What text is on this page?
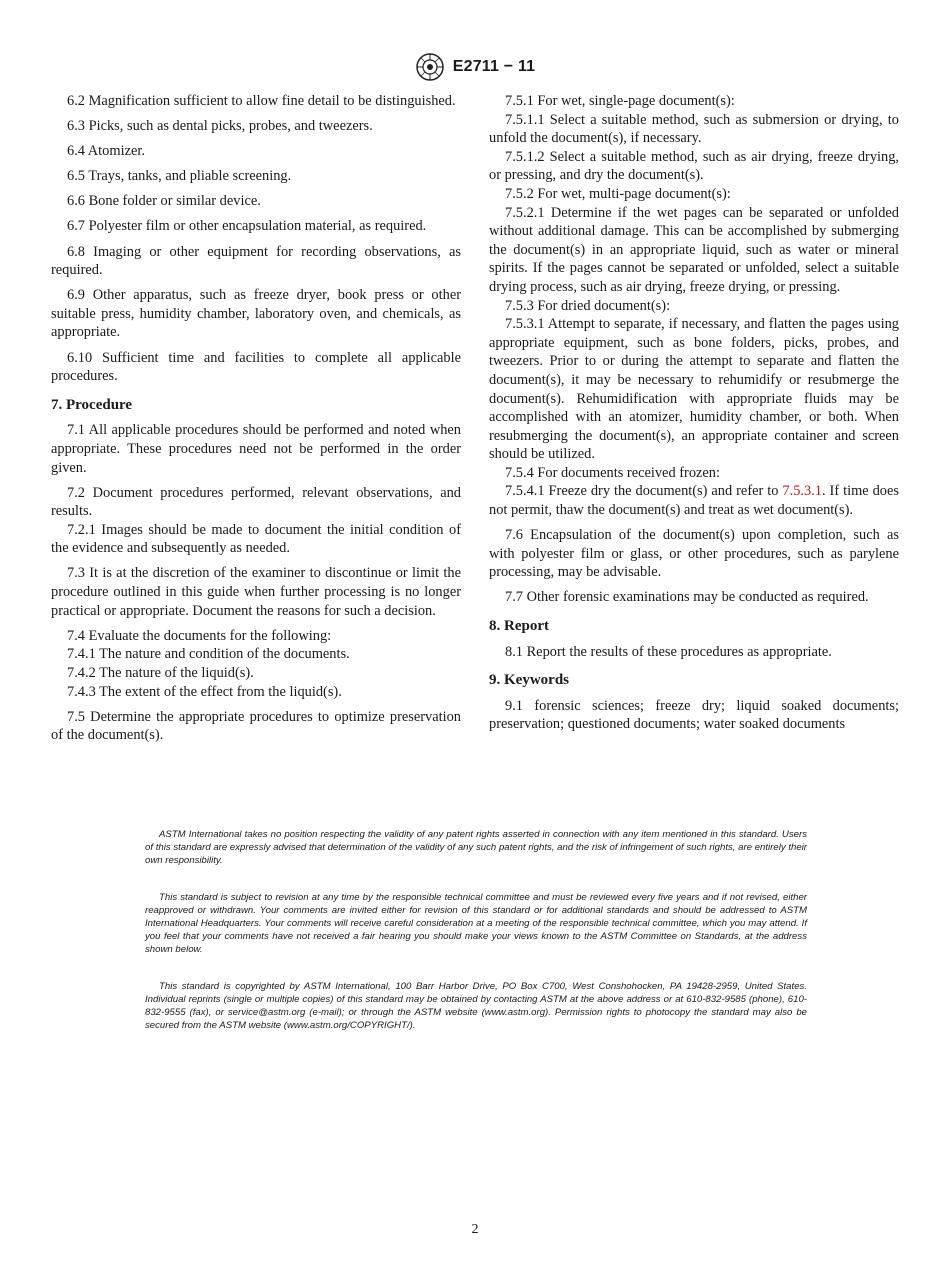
E2711 − 11

6.2 Magnification sufficient to allow fine detail to be distinguished.

6.3 Picks, such as dental picks, probes, and tweezers.

6.4 Atomizer.

6.5 Trays, tanks, and pliable screening.

6.6 Bone folder or similar device.

6.7 Polyester film or other encapsulation material, as required.

6.8 Imaging or other equipment for recording observations, as required.

6.9 Other apparatus, such as freeze dryer, book press or other suitable press, humidity chamber, laboratory oven, and chemicals, as appropriate.

6.10 Sufficient time and facilities to complete all applicable procedures.

7. Procedure

7.1 All applicable procedures should be performed and noted when appropriate. These procedures need not be performed in the order given.

7.2 Document procedures performed, relevant observations, and results.

7.2.1 Images should be made to document the initial condition of the evidence and subsequently as needed.

7.3 It is at the discretion of the examiner to discontinue or limit the procedure outlined in this guide when further processing is no longer practical or appropriate. Document the reasons for such a decision.

7.4 Evaluate the documents for the following:

7.4.1 The nature and condition of the documents.

7.4.2 The nature of the liquid(s).

7.4.3 The extent of the effect from the liquid(s).

7.5 Determine the appropriate procedures to optimize preservation of the document(s).

7.5.1 For wet, single-page document(s):

7.5.1.1 Select a suitable method, such as submersion or drying, to unfold the document(s), if necessary.

7.5.1.2 Select a suitable method, such as air drying, freeze drying, or pressing, and dry the document(s).

7.5.2 For wet, multi-page document(s):

7.5.2.1 Determine if the wet pages can be separated or unfolded without additional damage. This can be accomplished by submerging the document(s) in an appropriate liquid, such as water or mineral spirits. If the pages cannot be separated or unfolded, select a suitable drying process, such as air drying, freeze drying, or pressing.

7.5.3 For dried document(s):

7.5.3.1 Attempt to separate, if necessary, and flatten the pages using appropriate equipment, such as bone folders, picks, probes, and tweezers. Prior to or during the attempt to separate and flatten the document(s), it may be necessary to rehumidify or resubmerge the document(s). Rehumidification with appropriate fluids may be accomplished with an atomizer, humidity chamber, or both. When resubmerging the document(s), an appropriate container and screen should be utilized.

7.5.4 For documents received frozen:

7.5.4.1 Freeze dry the document(s) and refer to 7.5.3.1. If time does not permit, thaw the document(s) and treat as wet document(s).

7.6 Encapsulation of the document(s) upon completion, such as with polyester film or glass, or other procedures, such as parylene processing, may be advisable.

7.7 Other forensic examinations may be conducted as required.

8. Report

8.1 Report the results of these procedures as appropriate.

9. Keywords

9.1 forensic sciences; freeze dry; liquid soaked documents; preservation; questioned documents; water soaked documents

ASTM International takes no position respecting the validity of any patent rights asserted in connection with any item mentioned in this standard. Users of this standard are expressly advised that determination of the validity of any such patent rights, and the risk of infringement of such rights, are entirely their own responsibility.

This standard is subject to revision at any time by the responsible technical committee and must be reviewed every five years and if not revised, either reapproved or withdrawn. Your comments are invited either for revision of this standard or for additional standards and should be addressed to ASTM International Headquarters. Your comments will receive careful consideration at a meeting of the responsible technical committee, which you may attend. If you feel that your comments have not received a fair hearing you should make your views known to the ASTM Committee on Standards, at the address shown below.

This standard is copyrighted by ASTM International, 100 Barr Harbor Drive, PO Box C700, West Conshohocken, PA 19428-2959, United States. Individual reprints (single or multiple copies) of this standard may be obtained by contacting ASTM at the above address or at 610-832-9585 (phone), 610-832-9555 (fax), or service@astm.org (e-mail); or through the ASTM website (www.astm.org). Permission rights to photocopy the standard may also be secured from the ASTM website (www.astm.org/COPYRIGHT/).

2
